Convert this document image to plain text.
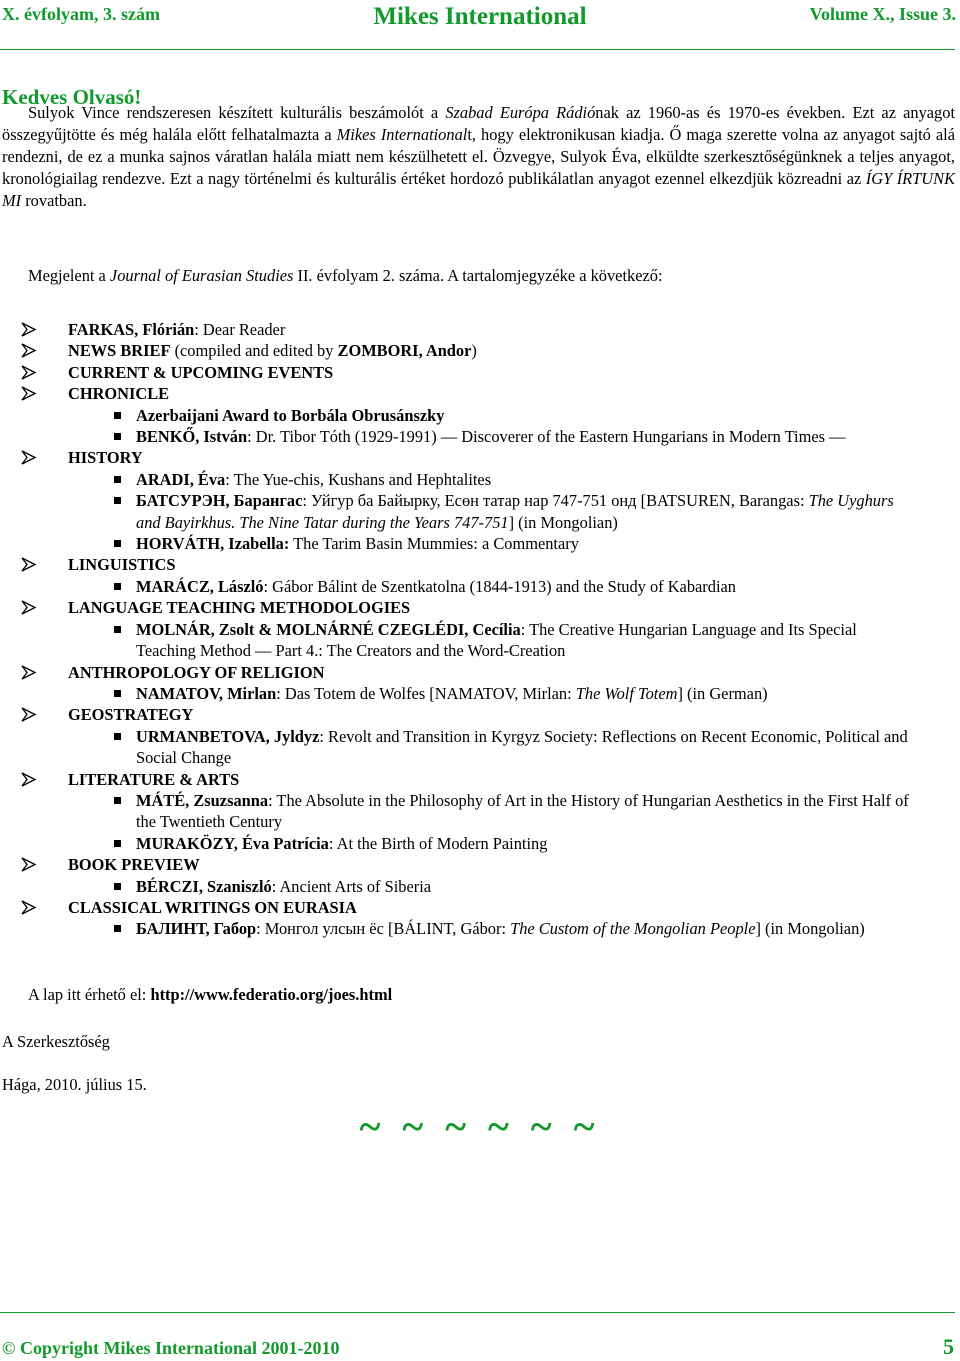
X. évfolyam, 3. szám	Mikes International	Volume X., Issue 3.
Kedves Olvasó!
Sulyok Vince rendszeresen készített kulturális beszámolót a Szabad Európa Rádiónak az 1960-as és 1970-es években. Ezt az anyagot összegyűjtötte és még halála előtt felhatalmazta a Mikes Internationalt, hogy elektronikusan kiadja. Ő maga szerette volna az anyagot sajtó alá rendezni, de ez a munka sajnos váratlan halála miatt nem készülhetett el. Özvegye, Sulyok Éva, elküldte szerkesztőségünknek a teljes anyagot, kronológiailag rendezve. Ezt a nagy történelmi és kulturális értéket hordozó publikálatlan anyagot ezennel elkezdjük közreadni az ÍGY ÍRTUNK MI rovatban.
Megjelent a Journal of Eurasian Studies II. évfolyam 2. száma. A tartalomjegyzéke a következő:
FARKAS, Flórián: Dear Reader
NEWS BRIEF (compiled and edited by ZOMBORI, Andor)
CURRENT & UPCOMING EVENTS
CHRONICLE
Azerbaijani Award to Borbála Obrusánszky
BENKŐ, István: Dr. Tibor Tóth (1929-1991) — Discoverer of the Eastern Hungarians in Modern Times —
HISTORY
ARADI, Éva: The Yue-chis, Kushans and Hephtalites
БАТСУРЭН, Барангас: Уйгур ба Байырку, Есөн татар нар 747-751 онд [BATSUREN, Barangas: The Uyghurs and Bayirkhus. The Nine Tatar during the Years 747-751] (in Mongolian)
HORVÁTH, Izabella: The Tarim Basin Mummies: a Commentary
LINGUISTICS
MARÁCZ, László: Gábor Bálint de Szentkatolna (1844-1913) and the Study of Kabardian
LANGUAGE TEACHING METHODOLOGIES
MOLNÁR, Zsolt & MOLNÁRNÉ CZEGLÉDI, Cecília: The Creative Hungarian Language and Its Special Teaching Method — Part 4.: The Creators and the Word-Creation
ANTHROPOLOGY OF RELIGION
NAMATOV, Mirlan: Das Totem de Wolfes [NAMATOV, Mirlan: The Wolf Totem] (in German)
GEOSTRATEGY
URMANBETOVA, Jyldyz: Revolt and Transition in Kyrgyz Society: Reflections on Recent Economic, Political and Social Change
LITERATURE & ARTS
MÁTÉ, Zsuzsanna: The Absolute in the Philosophy of Art in the History of Hungarian Aesthetics in the First Half of the Twentieth Century
MURAKÖZY, Éva Patrícia: At the Birth of Modern Painting
BOOK PREVIEW
BÉRCZI, Szaniszló: Ancient Arts of Siberia
CLASSICAL WRITINGS ON EURASIA
БАЛИНТ, Габор: Монгол улсын ёс [BÁLINT, Gábor: The Custom of the Mongolian People] (in Mongolian)
A lap itt érhető el: http://www.federatio.org/joes.html
A Szerkesztőség
Hága, 2010. július 15.
~ ~ ~ ~ ~ ~
© Copyright Mikes International 2001-2010	5
